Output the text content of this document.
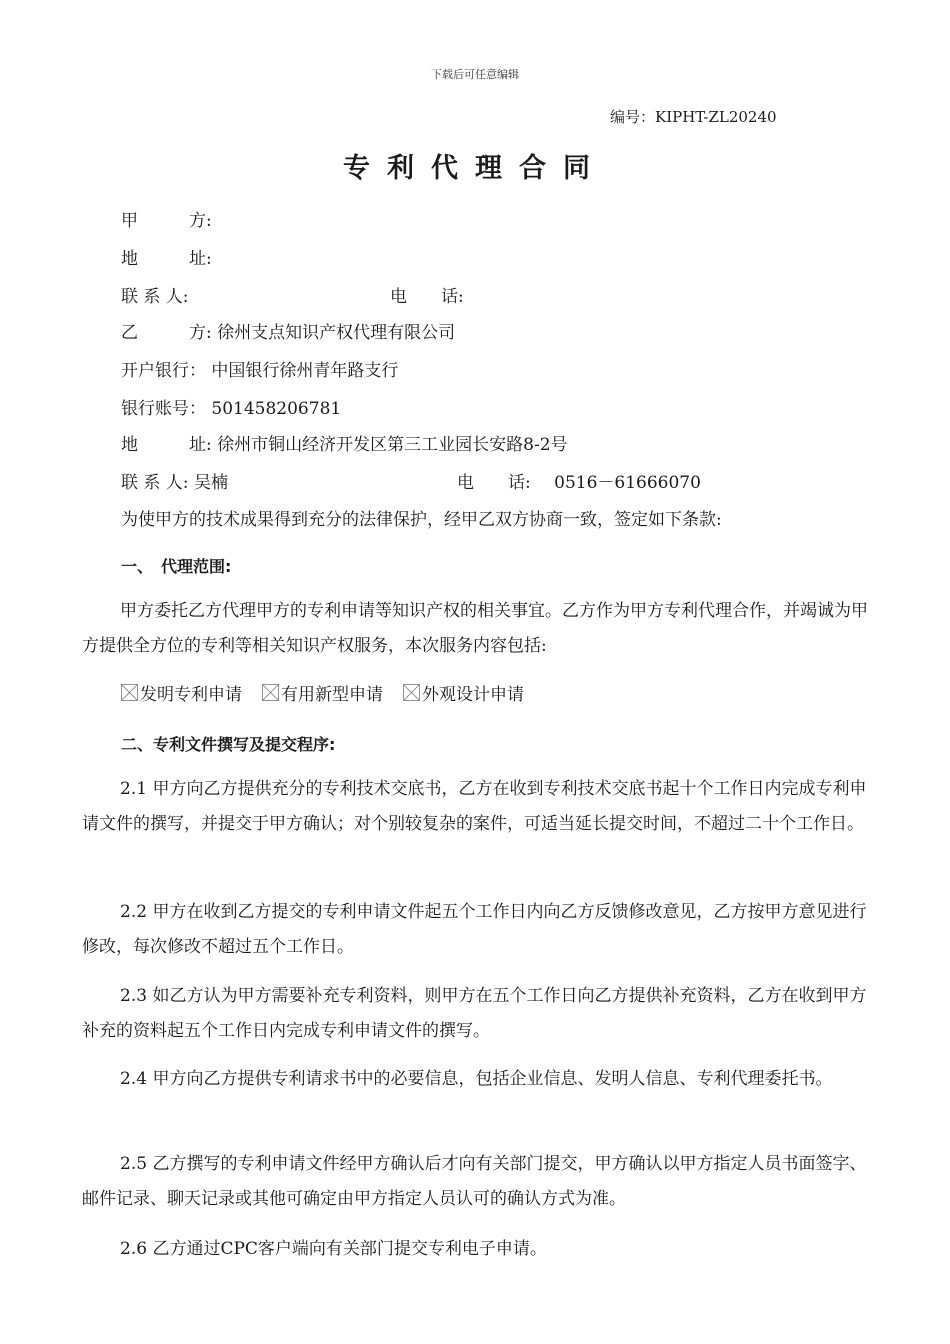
下载后可任意编辑
编号：KIPHT-ZL20240
专利代理合同
甲　　　方:
地　　　址:
联 系 人:	电　　话:
乙　　　方: 徐州支点知识产权代理有限公司
开户银行： 中国银行徐州青年路支行
银行账号： 501458206781
地　　　址: 徐州市铜山经济开发区第三工业园长安路8-2号
联 系 人: 吴楠	电　　话: 0516－61666070
为使甲方的技术成果得到充分的法律保护，经甲乙双方协商一致，签定如下条款:
一、　代理范围:
甲方委托乙方代理甲方的专利申请等知识产权的相关事宜。乙方作为甲方专利代理合作，并竭诚为甲方提供全方位的专利等相关知识产权服务，本次服务内容包括:
发明专利申请 有用新型申请 外观设计申请
二、专利文件撰写及提交程序:
2.1 甲方向乙方提供充分的专利技术交底书，乙方在收到专利技术交底书起十个工作日内完成专利申请文件的撰写，并提交于甲方确认；对个别较复杂的案件，可适当延长提交时间，不超过二十个工作日。
2.2 甲方在收到乙方提交的专利申请文件起五个工作日内向乙方反馈修改意见，乙方按甲方意见进行修改，每次修改不超过五个工作日。
2.3 如乙方认为甲方需要补充专利资料，则甲方在五个工作日向乙方提供补充资料，乙方在收到甲方补充的资料起五个工作日内完成专利申请文件的撰写。
2.4 甲方向乙方提供专利请求书中的必要信息，包括企业信息、发明人信息、专利代理委托书。
2.5 乙方撰写的专利申请文件经甲方确认后才向有关部门提交，甲方确认以甲方指定人员书面签字、邮件记录、聊天记录或其他可确定由甲方指定人员认可的确认方式为准。
2.6 乙方通过CPC客户端向有关部门提交专利电子申请。
